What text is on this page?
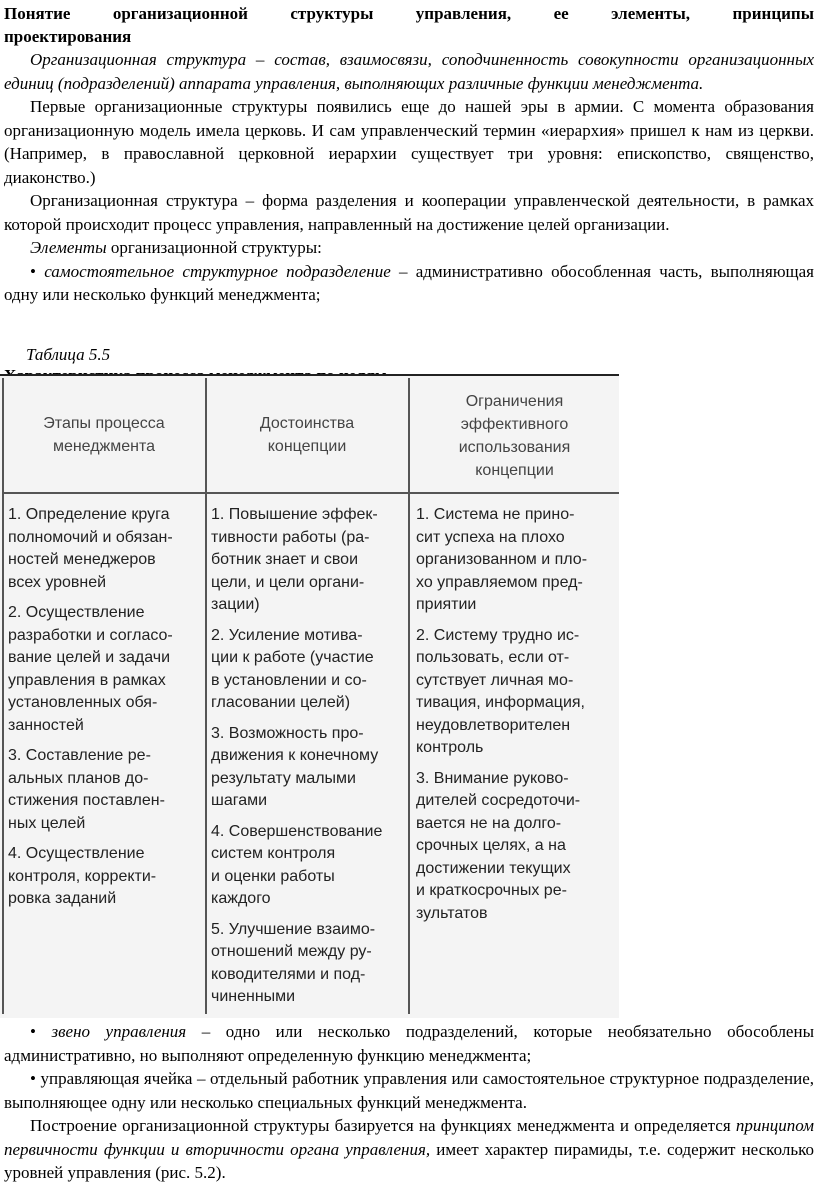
Понятие организационной структуры управления, ее элементы, принципы
проектирования

Организационная структура – состав, взаимосвязи, соподчиненность совокупности организационных единиц (подразделений) аппарата управления, выполняющих различные функции менеджмента.

Первые организационные структуры появились еще до нашей эры в армии. С момента образования организационную модель имела церковь. И сам управленческий термин «иерархия» пришел к нам из церкви. (Например, в православной церковной иерархии существует три уровня: епископство, священство, диаконство.)

Организационная структура – форма разделения и кооперации управленческой деятельности, в рамках которой происходит процесс управления, направленный на достижение целей организации.

Элементы организационной структуры:

• самостоятельное структурное подразделение – административно обособленная часть, выполняющая одну или несколько функций менеджмента;

Таблица 5.5

Этапы процесса
менеджмента
Достоинства
концепции
Ограничения
эффективного
использования
концепции
1. Определение круга
полномочий и обязан-
ностей менеджеров
всех уровней
2. Осуществление
разработки и согласо-
вание целей и задачи
управления в рамках
установленных обя-
занностей
3. Составление ре-
альных планов до-
стижения поставлен-
ных целей
4. Осуществление
контроля, корректи-
ровка заданий
1. Повышение эффек-
тивности работы (ра-
ботник знает и свои
цели, и цели органи-
зации)
2. Усиление мотива-
ции к работе (участие
в установлении и со-
гласовании целей)
3. Возможность про-
движения к конечному
результату малыми
шагами
4. Совершенствование
систем контроля
и оценки работы
каждого
5. Улучшение взаимо-
отношений между ру-
ководителями и под-
чиненными
1. Система не прино-
сит успеха на плохо
организованном и пло-
хо управляемом пред-
приятии
2. Систему трудно ис-
пользовать, если от-
сутствует личная мо-
тивация, информация,
неудовлетворителен
контроль
3. Внимание руково-
дителей сосредоточи-
вается не на долго-
срочных целях, а на
достижении текущих
и краткосрочных ре-
зультатов

• звено управления – одно или несколько подразделений, которые необязательно обособлены административно, но выполняют определенную функцию менеджмента;

• управляющая ячейка – отдельный работник управления или самостоятельное структурное подразделение, выполняющее одну или несколько специальных функций менеджмента.

Построение организационной структуры базируется на функциях менеджмента и определяется принципом первичности функции и вторичности органа управления, имеет характер пирамиды, т.е. содержит несколько уровней управления (рис. 5.2).
